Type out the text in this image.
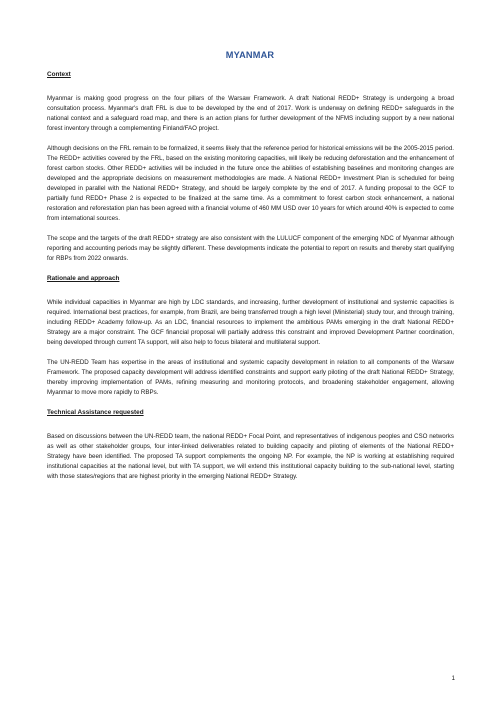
MYANMAR
Context

Myanmar is making good progress on the four pillars of the Warsaw Framework. A draft National REDD+ Strategy is undergoing a broad consultation process. Myanmar's draft FRL is due to be developed by the end of 2017. Work is underway on defining REDD+ safeguards in the national context and a safeguard road map, and there is an action plans for further development of the NFMS including support by a new national forest inventory through a complementing Finland/FAO project.

Although decisions on the FRL remain to be formalized, it seems likely that the reference period for historical emissions will be the 2005-2015 period. The REDD+ activities covered by the FRL, based on the existing monitoring capacities, will likely be reducing deforestation and the enhancement of forest carbon stocks. Other REDD+ activities will be included in the future once the abilities of establishing baselines and monitoring changes are developed and the appropriate decisions on measurement methodologies are made. A National REDD+ Investment Plan is scheduled for being developed in parallel with the National REDD+ Strategy, and should be largely complete by the end of 2017. A funding proposal to the GCF to partially fund REDD+ Phase 2 is expected to be finalized at the same time. As a commitment to forest carbon stock enhancement, a national restoration and reforestation plan has been agreed with a financial volume of 460 MM USD over 10 years for which around 40% is expected to come from international sources.

The scope and the targets of the draft REDD+ strategy are also consistent with the LULUCF component of the emerging NDC of Myanmar although reporting and accounting periods may be slightly different. These developments indicate the potential to report on results and thereby start qualifying for RBPs from 2022 onwards.

Rationale and approach

While individual capacities in Myanmar are high by LDC standards, and increasing, further development of institutional and systemic capacities is required. International best practices, for example, from Brazil, are being transferred trough a high level (Ministerial) study tour, and through training, including REDD+ Academy follow-up. As an LDC, financial resources to implement the ambitious PAMs emerging in the draft National REDD+ Strategy are a major constraint. The GCF financial proposal will partially address this constraint and improved Development Partner coordination, being developed through current TA support, will also help to focus bilateral and multilateral support.

The UN-REDD Team has expertise in the areas of institutional and systemic capacity development in relation to all components of the Warsaw Framework. The proposed capacity development will address identified constraints and support early piloting of the draft National REDD+ Strategy, thereby improving implementation of PAMs, refining measuring and monitoring protocols, and broadening stakeholder engagement, allowing Myanmar to move more rapidly to RBPs.

Technical Assistance requested

Based on discussions between the UN-REDD team, the national REDD+ Focal Point, and representatives of indigenous peoples and CSO networks as well as other stakeholder groups, four inter-linked deliverables related to building capacity and piloting of elements of the National REDD+ Strategy have been identified. The proposed TA support complements the ongoing NP. For example, the NP is working at establishing required institutional capacities at the national level, but with TA support, we will extend this institutional capacity building to the sub-national level, starting with those states/regions that are highest priority in the emerging National REDD+ Strategy.

1
